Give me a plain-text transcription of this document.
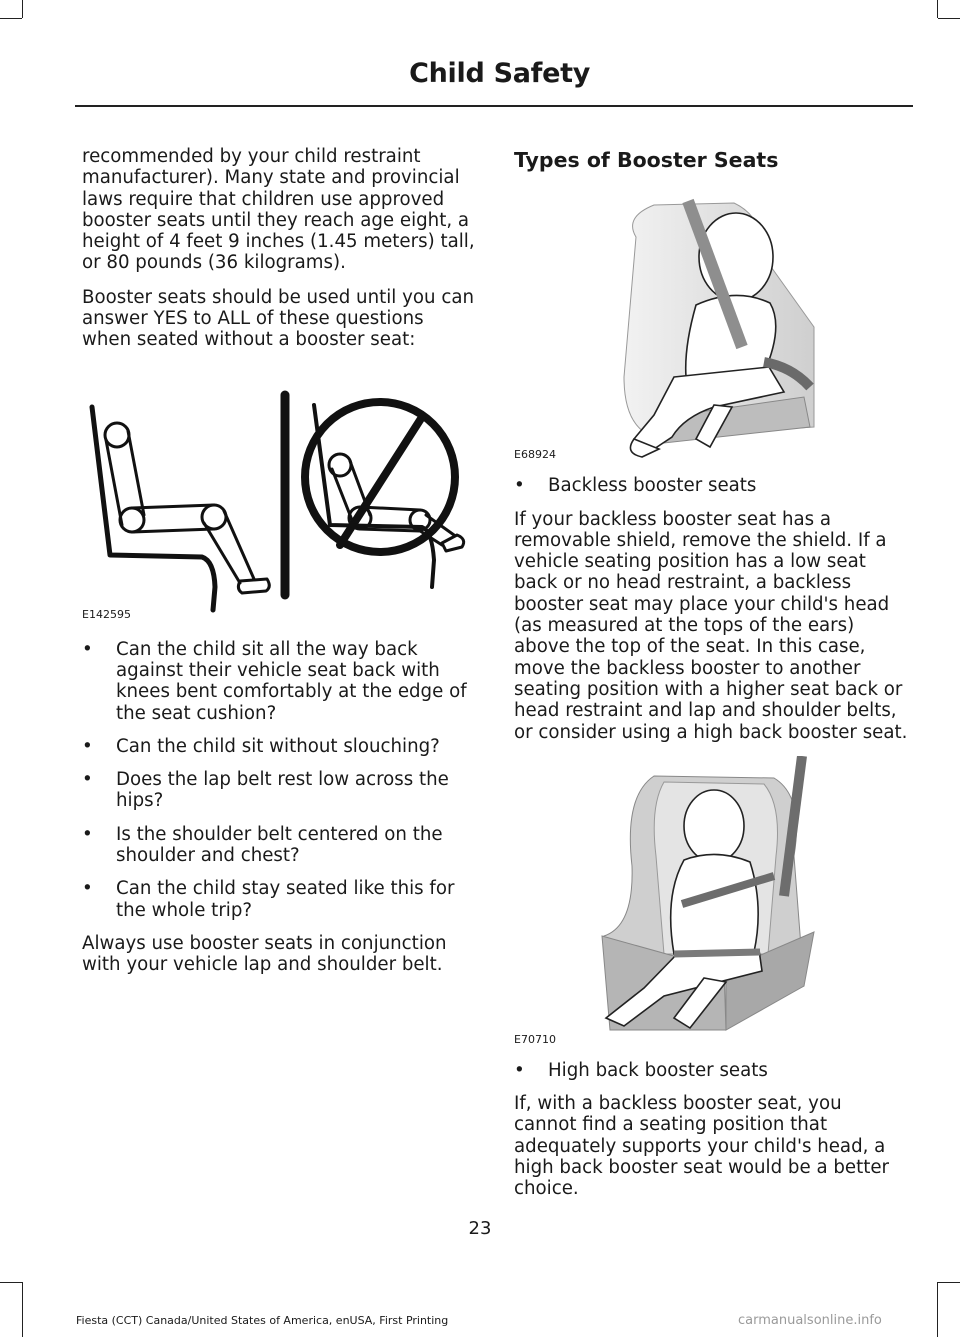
Child Safety

recommended by your child restraint manufacturer). Many state and provincial laws require that children use approved booster seats until they reach age eight, a height of 4 feet 9 inches (1.45 meters) tall, or 80 pounds (36 kilograms).

Booster seats should be used until you can answer YES to ALL of these questions when seated without a booster seat:

E142595
• Can the child sit all the way back against their vehicle seat back with knees bent comfortably at the edge of the seat cushion?
• Can the child sit without slouching?
• Does the lap belt rest low across the hips?
• Is the shoulder belt centered on the shoulder and chest?
• Can the child stay seated like this for the whole trip?

Always use booster seats in conjunction with your vehicle lap and shoulder belt.

Types of Booster Seats
E68924
• Backless booster seats

If your backless booster seat has a removable shield, remove the shield. If a vehicle seating position has a low seat back or no head restraint, a backless booster seat may place your child's head (as measured at the tops of the ears) above the top of the seat. In this case, move the backless booster to another seating position with a higher seat back or head restraint and lap and shoulder belts, or consider using a high back booster seat.

E70710
• High back booster seats

If, with a backless booster seat, you cannot find a seating position that adequately supports your child's head, a high back booster seat would be a better choice.

23
Fiesta (CCT) Canada/United States of America, enUSA, First Printing	carmanualsonline.info
